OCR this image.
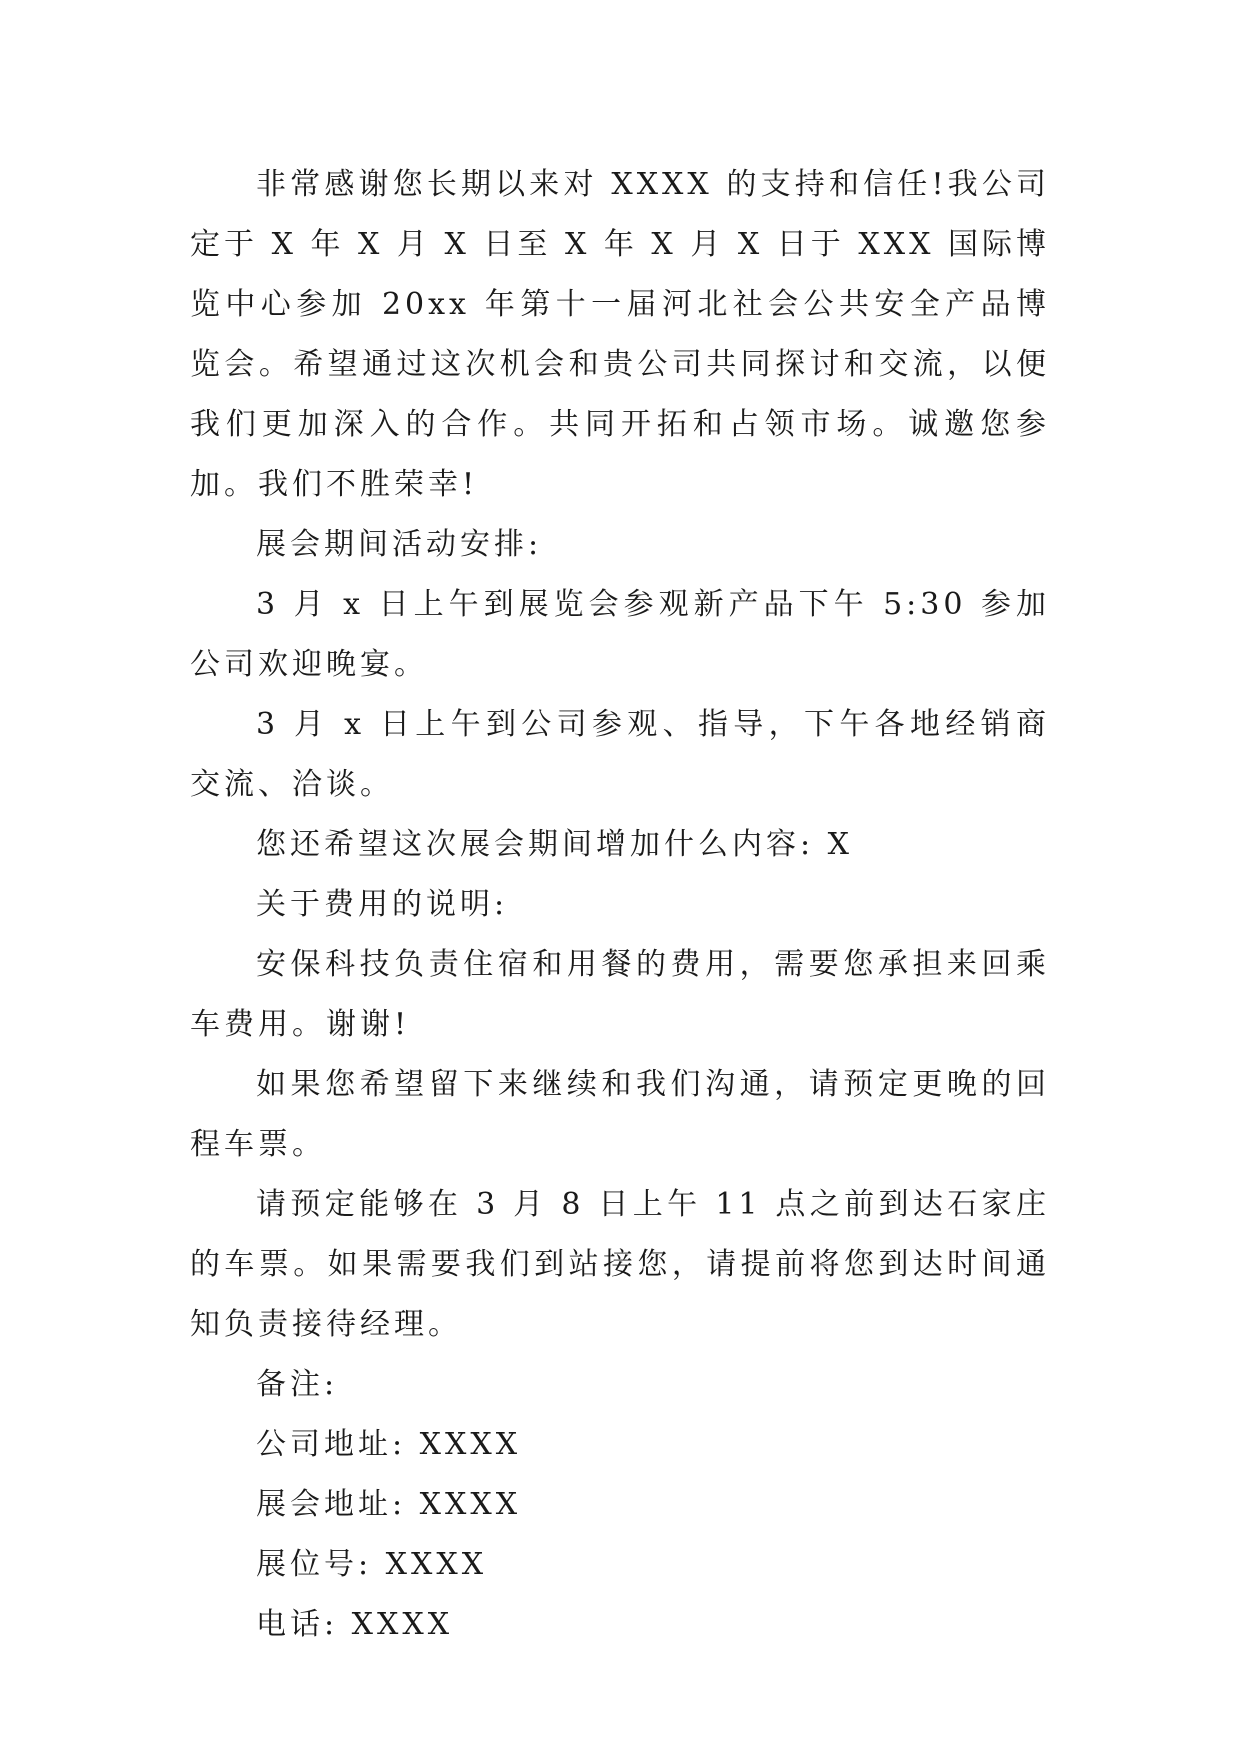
非常感谢您长期以来对 XXXX 的支持和信任!我公司定于 X 年 X 月 X 日至 X 年 X 月 X 日于 XXX 国际博览中心参加 20xx 年第十一届河北社会公共安全产品博览会。希望通过这次机会和贵公司共同探讨和交流，以便我们更加深入的合作。共同开拓和占领市场。诚邀您参加。我们不胜荣幸!

展会期间活动安排:

3 月 x 日上午到展览会参观新产品下午 5:30 参加公司欢迎晚宴。

3 月 x 日上午到公司参观、指导，下午各地经销商交流、洽谈。

您还希望这次展会期间增加什么内容: X

关于费用的说明:

安保科技负责住宿和用餐的费用，需要您承担来回乘车费用。谢谢!

如果您希望留下来继续和我们沟通，请预定更晚的回程车票。

请预定能够在 3 月 8 日上午 11 点之前到达石家庄的车票。如果需要我们到站接您，请提前将您到达时间通知负责接待经理。

备注:

公司地址: XXXX

展会地址: XXXX

展位号: XXXX

电话: XXXX
